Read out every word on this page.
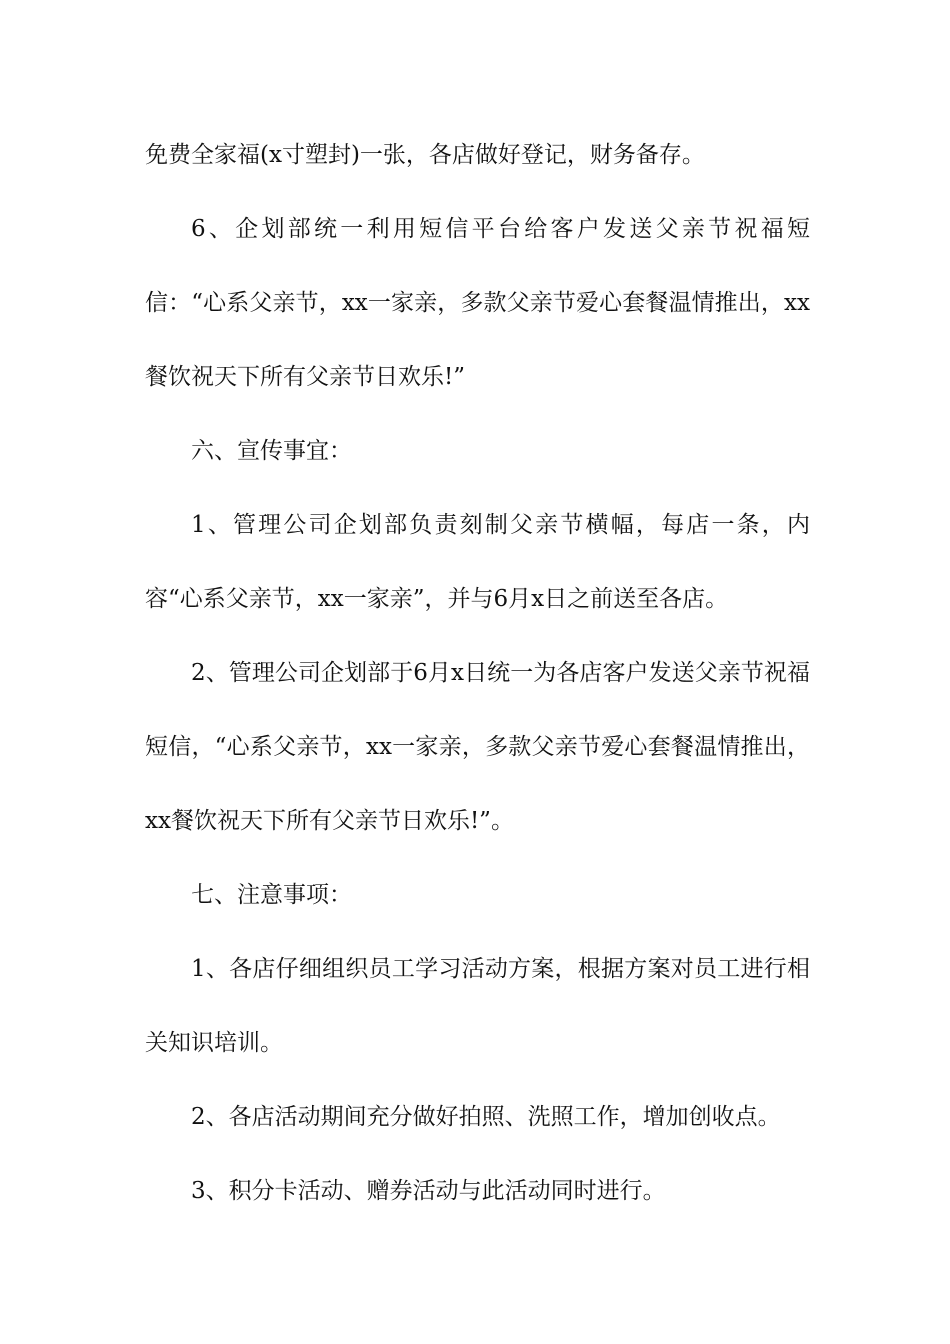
免费全家福(x寸塑封)一张，各店做好登记，财务备存。

6、企划部统一利用短信平台给客户发送父亲节祝福短信：“心系父亲节，xx一家亲，多款父亲节爱心套餐温情推出，xx餐饮祝天下所有父亲节日欢乐!”

六、宣传事宜：

1、管理公司企划部负责刻制父亲节横幅，每店一条，内容“心系父亲节，xx一家亲”，并与6月x日之前送至各店。

2、管理公司企划部于6月x日统一为各店客户发送父亲节祝福短信，“心系父亲节，xx一家亲，多款父亲节爱心套餐温情推出，xx餐饮祝天下所有父亲节日欢乐!”。

七、注意事项：

1、各店仔细组织员工学习活动方案，根据方案对员工进行相关知识培训。

2、各店活动期间充分做好拍照、洗照工作，增加创收点。

3、积分卡活动、赠券活动与此活动同时进行。
